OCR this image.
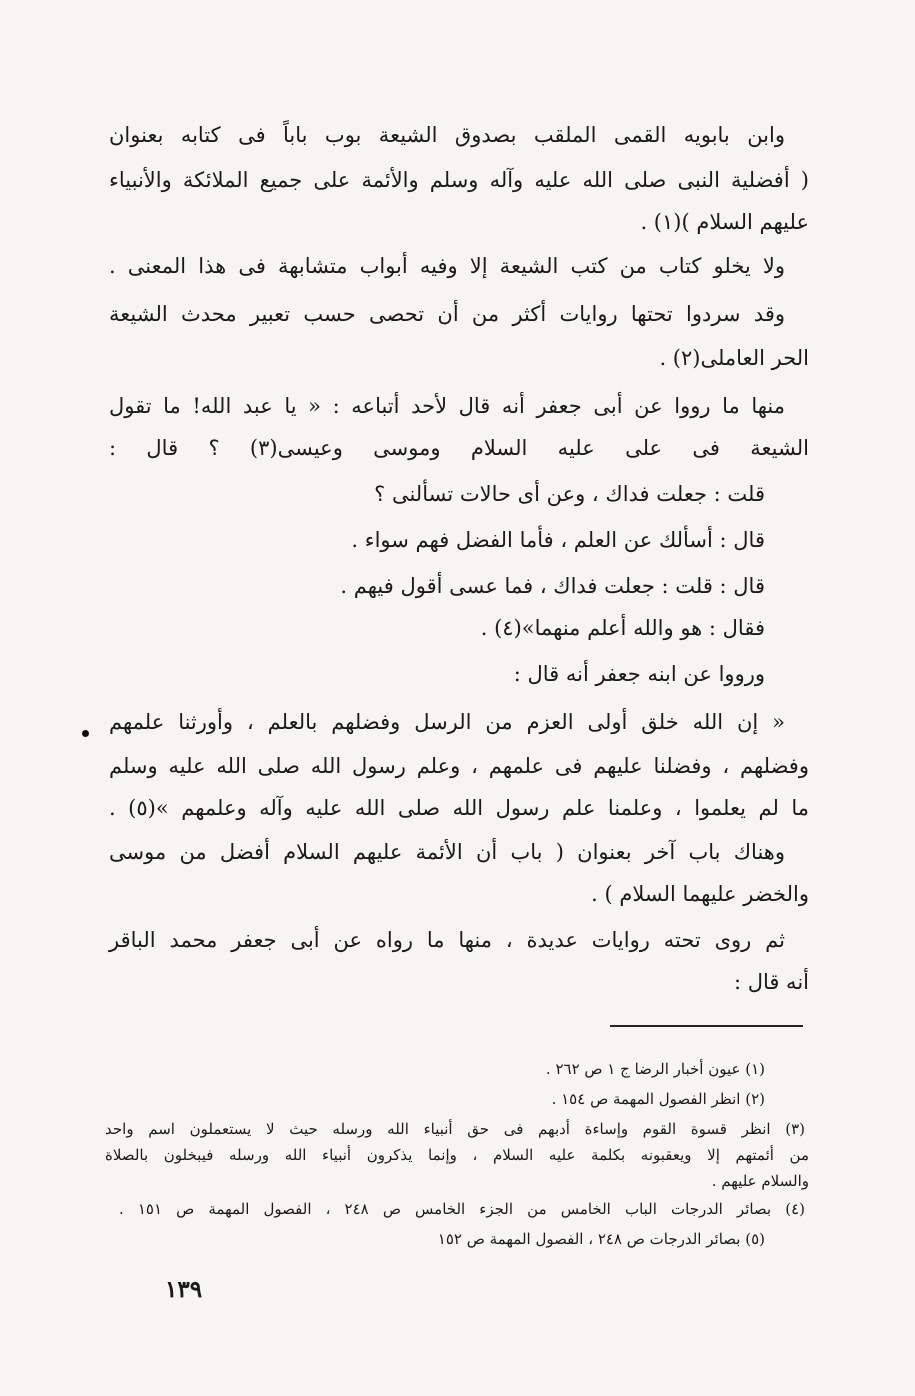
وابن بابويه القمى الملقب بصدوق الشيعة بوب باباً فى كتابه بعنوان
( أفضلية النبى صلى الله عليه وآله وسلم والأئمة على جميع الملائكة والأنبياء
عليهم السلام )(١) .
ولا يخلو كتاب من كتب الشيعة إلا وفيه أبواب متشابهة فى هذا المعنى .
وقد سردوا تحتها روايات أكثر من أن تحصى حسب تعبير محدث الشيعة
الحر العاملى(٢) .
منها ما رووا عن أبى جعفر أنه قال لأحد أتباعه : « يا عبد الله! ما تقول
الشيعة فى على عليه السلام وموسى وعيسى(٣) ؟ قال :
قلت : جعلت فداك ، وعن أى حالات تسألنى ؟
قال : أسألك عن العلم ، فأما الفضل فهم سواء .
قال : قلت : جعلت فداك ، فما عسى أقول فيهم .
فقال : هو والله أعلم منهما»(٤) .
ورووا عن ابنه جعفر أنه قال :
« إن الله خلق أولى العزم من الرسل وفضلهم بالعلم ، وأورثنا علمهم
وفضلهم ، وفضلنا عليهم فى علمهم ، وعلم رسول الله صلى الله عليه وسلم
ما لم يعلموا ، وعلمنا علم رسول الله صلى الله عليه وآله وعلمهم »(٥) .
وهناك باب آخر بعنوان ( باب أن الأئمة عليهم السلام أفضل من موسى
والخضر عليهما السلام ) .
ثم روى تحته روايات عديدة ، منها ما رواه عن أبى جعفر محمد الباقر
أنه قال :
(١) عيون أخبار الرضا ج ١ ص ٢٦٢ .
(٢) انظر الفصول المهمة ص ١٥٤ .
(٣) انظر قسوة القوم وإساءة أدبهم فى حق أنبياء الله ورسله حيث لا يستعملون اسم واحد
من أئمتهم إلا ويعقبونه بكلمة عليه السلام ، وإنما يذكرون أنبياء الله ورسله فيبخلون بالصلاة
والسلام عليهم .
(٤) بصائر الدرجات الباب الخامس من الجزء الخامس ص ٢٤٨ ، الفصول المهمة ص ١٥١ .
(٥) بصائر الدرجات ص ٢٤٨ ، الفصول المهمة ص ١٥٢
١٣٩
